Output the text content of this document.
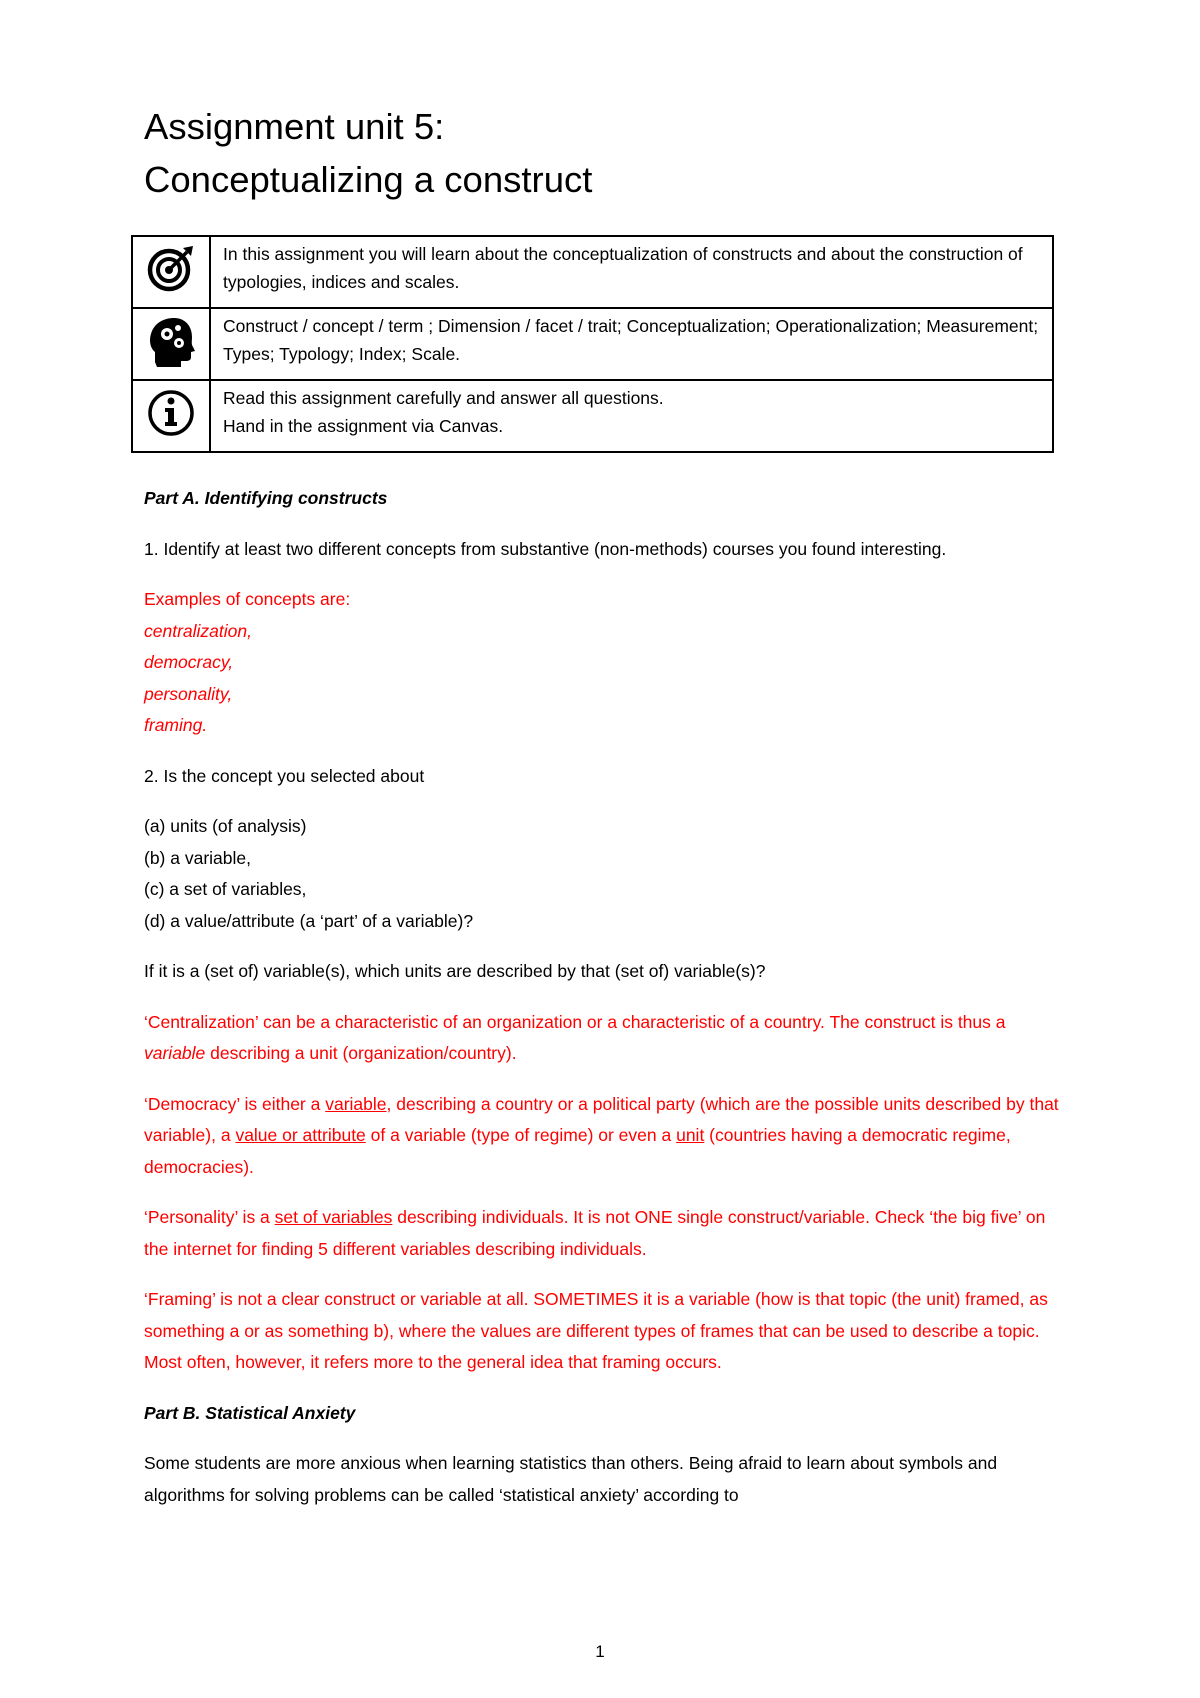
Assignment unit 5:
Conceptualizing a construct
	In this assignment you will learn about the conceptualization of constructs and about the construction of typologies, indices and scales.

	Construct / concept / term ; Dimension / facet / trait; Conceptualization; Operationalization; Measurement; Types; Typology; Index; Scale.

Read this assignment carefully and answer all questions.
Hand in the assignment via Canvas.

Part A. Identifying constructs

1. Identify at least two different concepts from substantive (non-methods) courses you found interesting.

Examples of concepts are:
centralization,
democracy,
personality,
framing.

2. Is the concept you selected about

(a) units (of analysis)
(b) a variable,
(c) a set of variables,
(d) a value/attribute (a ‘part’ of a variable)?

If it is a (set of) variable(s), which units are described by that (set of) variable(s)?

‘Centralization’ can be a characteristic of an organization or a characteristic of a country. The construct is thus a variable describing a unit (organization/country).

‘Democracy’ is either a variable, describing a country or a political party (which are the possible units described by that variable), a value or attribute of a variable (type of regime) or even a unit (countries having a democratic regime, democracies).

‘Personality’ is a set of variables describing individuals. It is not ONE single construct/variable. Check ‘the big five’ on the internet for finding 5 different variables describing individuals.

‘Framing’ is not a clear construct or variable at all. SOMETIMES it is a variable (how is that topic (the unit) framed, as something a or as something b), where the values are different types of frames that can be used to describe a topic. Most often, however, it refers more to the general idea that framing occurs.

Part B. Statistical Anxiety

Some students are more anxious when learning statistics than others. Being afraid to learn about symbols and algorithms for solving problems can be called ‘statistical anxiety’ according to

1
